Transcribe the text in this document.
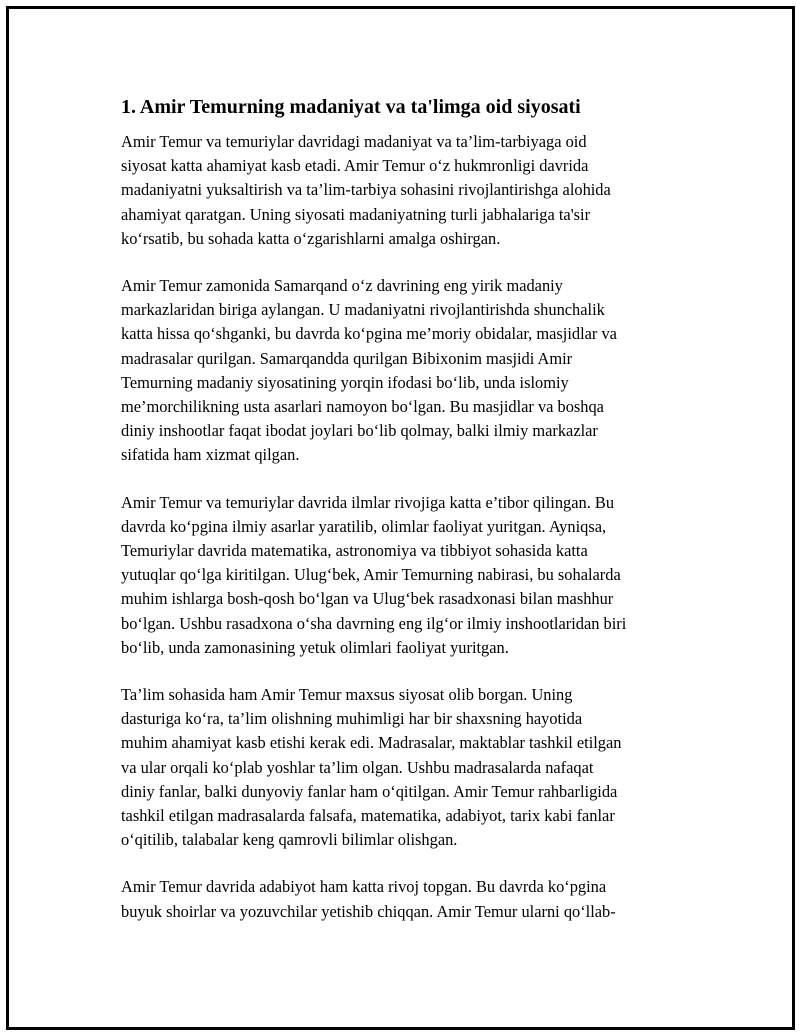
1. Amir Temurning madaniyat va ta'limga oid siyosati

Amir Temur va temuriylar davridagi madaniyat va ta’lim-tarbiyaga oid
siyosat katta ahamiyat kasb etadi. Amir Temur o‘z hukmronligi davrida
madaniyatni yuksaltirish va ta’lim-tarbiya sohasini rivojlantirishga alohida
ahamiyat qaratgan. Uning siyosati madaniyatning turli jabhalariga ta'sir
ko‘rsatib, bu sohada katta o‘zgarishlarni amalga oshirgan.

Amir Temur zamonida Samarqand o‘z davrining eng yirik madaniy
markazlaridan biriga aylangan. U madaniyatni rivojlantirishda shunchalik
katta hissa qo‘shganki, bu davrda ko‘pgina me’moriy obidalar, masjidlar va
madrasalar qurilgan. Samarqandda qurilgan Bibixonim masjidi Amir
Temurning madaniy siyosatining yorqin ifodasi bo‘lib, unda islomiy
me’morchilikning usta asarlari namoyon bo‘lgan. Bu masjidlar va boshqa
diniy inshootlar faqat ibodat joylari bo‘lib qolmay, balki ilmiy markazlar
sifatida ham xizmat qilgan.

Amir Temur va temuriylar davrida ilmlar rivojiga katta e’tibor qilingan. Bu
davrda ko‘pgina ilmiy asarlar yaratilib, olimlar faoliyat yuritgan. Ayniqsa,
Temuriylar davrida matematika, astronomiya va tibbiyot sohasida katta
yutuqlar qo‘lga kiritilgan. Ulug‘bek, Amir Temurning nabirasi, bu sohalarda
muhim ishlarga bosh-qosh bo‘lgan va Ulug‘bek rasadxonasi bilan mashhur
bo‘lgan. Ushbu rasadxona o‘sha davrning eng ilg‘or ilmiy inshootlaridan biri
bo‘lib, unda zamonasining yetuk olimlari faoliyat yuritgan.

Ta’lim sohasida ham Amir Temur maxsus siyosat olib borgan. Uning
dasturiga ko‘ra, ta’lim olishning muhimligi har bir shaxsning hayotida
muhim ahamiyat kasb etishi kerak edi. Madrasalar, maktablar tashkil etilgan
va ular orqali ko‘plab yoshlar ta’lim olgan. Ushbu madrasalarda nafaqat
diniy fanlar, balki dunyoviy fanlar ham o‘qitilgan. Amir Temur rahbarligida
tashkil etilgan madrasalarda falsafa, matematika, adabiyot, tarix kabi fanlar
o‘qitilib, talabalar keng qamrovli bilimlar olishgan.

Amir Temur davrida adabiyot ham katta rivoj topgan. Bu davrda ko‘pgina
buyuk shoirlar va yozuvchilar yetishib chiqqan. Amir Temur ularni qo‘llab-
